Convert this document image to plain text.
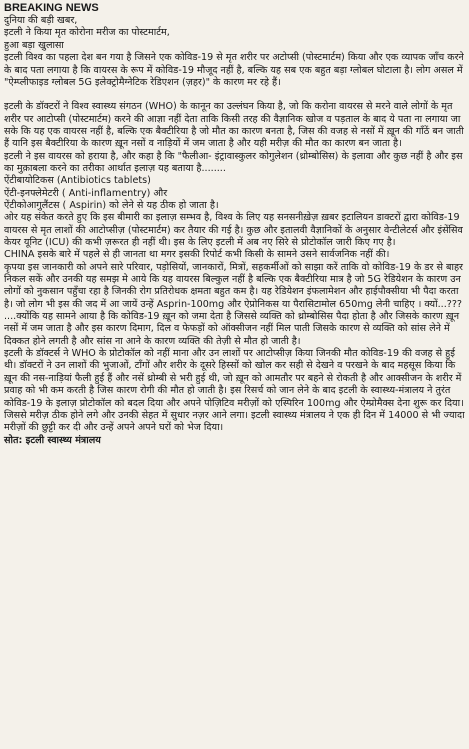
BREAKING NEWS

दुनिया की बड़ी खबर,

इटली ने किया मृत कोरोना मरीज का पोस्टमार्टम,

हुआ बड़ा खुलासा

इटली विश्व का पहला देश बन गया है जिसने एक कोविड-19 से मृत शरीर पर अटोप्सी (पोस्टमार्टम) किया और एक व्यापक जाँच करने के बाद पता लगाया है कि वायरस के रूप में कोविड-19 मौजूद नहीं है, बल्कि यह सब एक बहुत बड़ा ग्लोबल घोटाला है। लोग असल में "ऐम्प्लीफाइड ग्लोबल 5G इलेक्ट्रोमैग्नेटिक रेडिएशन (ज़हर)" के कारण मर रहे हैं।

इटली के डॉक्टरों ने विश्व स्वास्थ्य संगठन (WHO) के कानून का उल्लंघन किया है, जो कि करोना वायरस से मरने वाले लोगों के मृत शरीर पर आटोप्सी (पोस्टमार्टम) करने की आज्ञा नहीं देता ताकि किसी तरह की वैज्ञानिक खोज व पड़ताल के बाद ये पता ना लगाया जा सके कि यह एक वायरस नहीं है, बल्कि एक बैक्टीरिया है जो मौत का कारण बनता है, जिस की वजह से नसों में ख़ून की गाँठें बन जाती हैं यानि इस बैक्टीरिया के कारण ख़ून नसों व नाड़ियों में जम जाता है और यही मरीज़ की मौत का कारण बन जाता है।

इटली ने इस वायरस को हराया है, और कहा है कि "फैलीआ- इंट्रावास्कुलर कोगुलेशन (थ्रोम्बोसिस) के इलावा और कुछ नहीं है और इस का मुक़ाबला करने का तरीका आर्थात इलाज़ यह बताया है........

ऐंटीबायोटिकस (Antibiotics tablets)

ऐंटी-इनफ्लेमेटरी ( Anti-inflamentry) और

ऐंटीकोआगुलैंटस ( Aspirin) को लेने से यह ठीक हो जाता है।

ओर यह संकेत करते हुए कि इस बीमारी का इलाज़ सम्भव है, विश्व के लिए यह सनसनीख़ेज़ ख़बर इटालियन डाक्टरों द्वारा कोविड-19 वायरस से मृत लाशों की आटोप्सीज़ (पोस्टमार्टम) कर तैयार की गई है। कुछ और इतालवी वैज्ञानिकों के अनुसार वेन्टीलेटर्स और इंसेंसिव केयर यूनिट (ICU) की कभी ज़रूरत ही नहीं थी। इस के लिए इटली में अब नए सिरे से प्रोटोकॉल जारी किए गए है।

CHINA इसके बारे में पहले से ही जानता था मगर इसकी रिपोर्ट कभी किसी के सामने उसने सार्वजनिक नहीं की।

कृपया इस जानकारी को अपने सारे परिवार, पड़ोसियों, जानकारों, मित्रों, सहकर्मीओं को साझा करें ताकि वो कोविड-19 के डर से बाहर निकल सकें और उनकी यह समझ मे आये कि यह वायरस बिल्कुल नहीं है बल्कि एक बैक्टीरिया मात्र है जो 5G रेडियेशन के कारण उन लोगों को नुकसान पहुँचा रहा है जिनकी रोग प्रतिरोधक क्षमता बहुत कम है। यह रेडियेशन इंफलामेशन और हाईपौक्सीया भी पैदा करता है। जो लोग भी इस की जद में आ जायें उन्हें Asprin-100mg और ऐप्रोनिकस या पैरासिटामोल 650mg लेनी चाहिए । क्यों...??? ....क्योंकि यह सामने आया है कि कोविड-19 ख़ून को जमा देता है जिससे व्यक्ति को थ्रोम्बोसिस पैदा होता है और जिसके कारण ख़ून नसों में जम जाता है और इस कारण दिमाग, दिल व फेफड़ों को ऑक्सीजन नहीं मिल पाती जिसके कारण से व्यक्ति को सांस लेने में दिक्कत होने लगती है और सांस ना आने के कारण व्यक्ति की तेज़ी से मौत हो जाती है।

इटली के डॉक्टर्स ने WHO के प्रोटोकॉल को नहीं माना और उन लाशों पर आटोप्सीज़ किया जिनकी मौत कोविड-19 की वजह से हुई थी। डॉक्टरों ने उन लाशों की भुजाओं, टाँगों और शरीर के दूसरे हिस्सों को खोल कर सही से देखने व परखने के बाद महसूस किया कि ख़ून की नस-नाड़ियां फैली हुई हैं और नसें थ्रोम्बी से भरी हुई थी, जो ख़ून को आमतौर पर बहने से रोकती है और आक्सीजन के शरीर में प्रवाह को भी कम करती है जिस कारण रोगी की मौत हो जाती है। इस रिसर्च को जान लेने के बाद इटली के स्वास्थ्य-मंत्रालय ने तुरंत कोविड-19 के इलाज़ प्रोटोकॉल को बदल दिया और अपने पोज़िटिव मरीज़ों को एस्पिरिन 100mg और ऐम्प्रोमैक्स देना शुरू कर दिया। जिससे मरीज़ ठीक होने लगे और उनकी सेहत में सुधार नज़र आने लगा। इटली स्वास्थ्य मंत्रालय ने एक ही दिन में 14000 से भी ज्यादा मरीज़ों की छुट्टी कर दी और उन्हें अपने अपने घरों को भेज दिया।

सोत: इटली स्वास्थ्य मंत्रालय
